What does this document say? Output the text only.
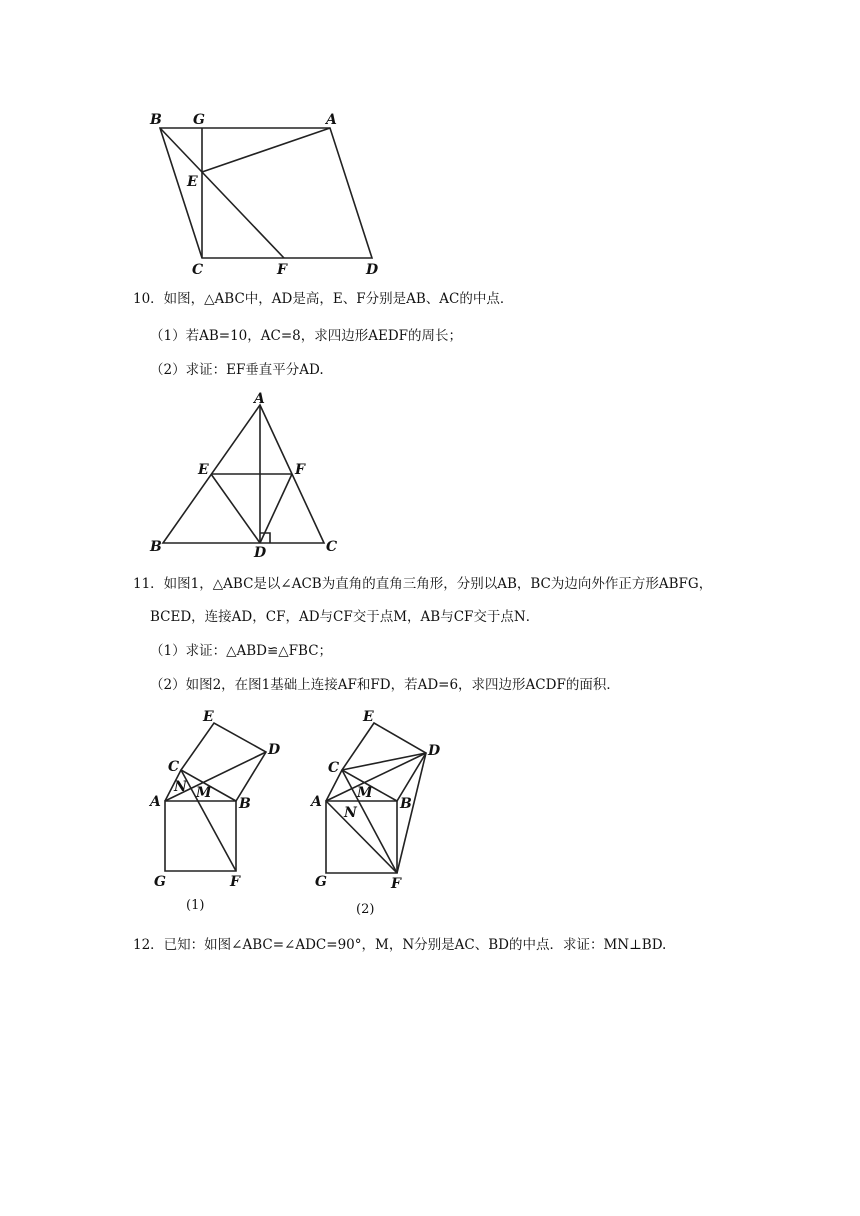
B G	A
E
C	F	D
10．如图，△ABC中，AD是高，E、F分别是AB、AC的中点．
（1）若AB=10，AC=8，求四边形AEDF的周长；
（2）求证：EF垂直平分AD.
A
E	F
B	D	C
11．如图1，△ABC是以∠ACB为直角的直角三角形，分别以AB，BC为边向外作正方形ABFG，
BCED，连接AD，CF，AD与CF交于点M，AB与CF交于点N．
（1）求证：△ABD≌△FBC；
（2）如图2，在图1基础上连接AF和FD，若AD=6，求四边形ACDF的面积．
E
D
C
N M
A	B
G	F
(1)
E
D
C
M
A	B
N
G	F
(2)
12．已知：如图∠ABC=∠ADC=90°，M，N分别是AC、BD的中点．求证：MN⊥BD.
